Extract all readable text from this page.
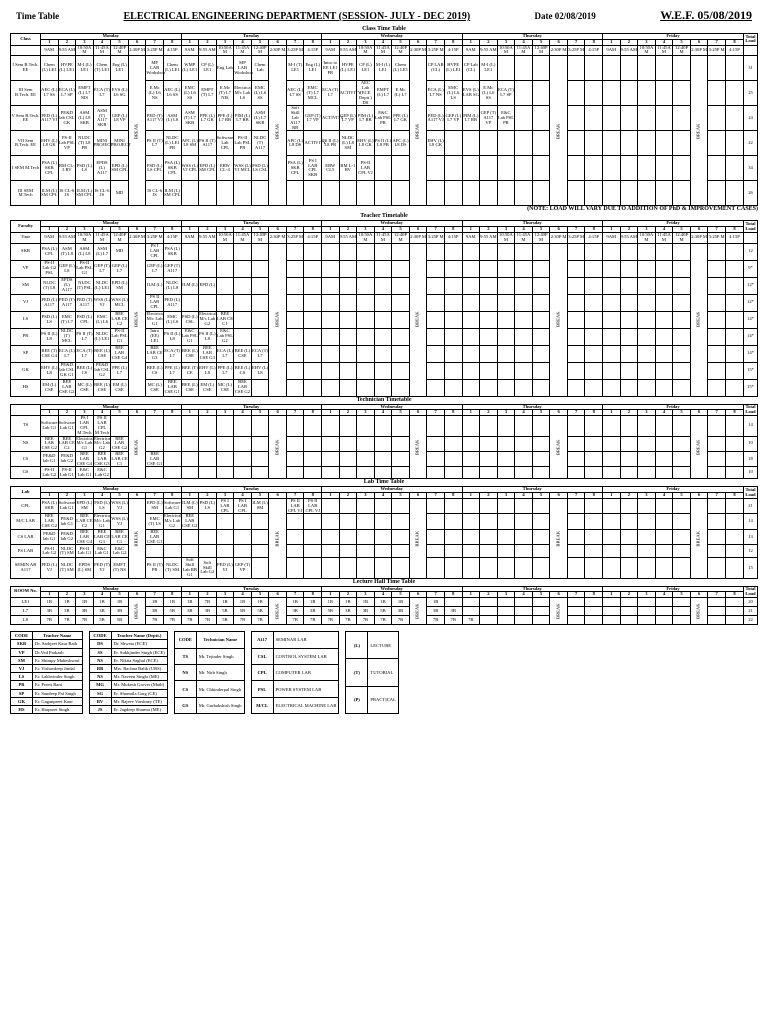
Time Table	ELECTRICAL ENGINEERING DEPARTMENT (SESSION- JULY - DEC 2019)	Date 02/08/2019	W.E.F. 05/08/2019
Class Time Table
Class	Monday								Tuesday								Wednesday								Thursday								Friday								Total Load
	1	2	3	4	5	6	7	8	1	2	3	4	5	6	7	8	1	2	3	4	5	6	7	8	1	2	3	4	5	6	7	8	1	2	3	4	5	6	7	8	
	9AM	9:55 AM	10:50A M	11:45A M	12:40P M	2:30P M	3:25P M	4:15P	9AM	9:55 AM	10:50A M	11:45A M	12:40P M	2:30P M	3:25P M	4:15P	9AM	9:55 AM	10:50A M	11:45A M	12:40P M	2:30P M	3:25P M	4:15P	9AM	9:55 AM	10:50A M	11:45A M	12:40P M	2:30P M	3:25P M	4:15P	9AM	9:55 AM	10:50A M	11:45A M	12:40P M	2:30P M	3:25P M	4:15P	
I Sem B.Tech. EE	Chem (L) LE1	HVPE (L) LE1	M-I (L) LE1	Chem (T) LE1	Eng (L) LE1	BREAK	MP LAB Workshop	Chem (L) LE1	WMP (L) LE1	CP (L) LE1	Eng Lab	MP LAB Workshop	Chem Lab	BREAK	M-I (T) LE1	Eng (L) LE1	Intro to EE LE1 PR	HVPE (L) LE1	CP (L) LE1	M-I (L) LE1	Chem (L) LE1	BREAK	CP LAB (CL)	HVPE (L) LE1	CP Lab (CL)	M-I (L) LE1				BREAK								BREAK			31
III Sem B.Tech. EE	AEC (L) L7 SS	ECA (L) L7 SP	EMFT (L) L7 NIS	ECA (T) L7	EVS (L) L6 SG		E.Mc (L) L6 NS	AEC (L) L6 SS	EMC (L) L6 SS	EMFT (T) L7	E.Mc (T) L7 NIS	Electrical M/c Lab LS	EMC (L) L6 SS		AEC (L) L7 SS	EMC (T) L7 MCL	ECA (T) L7	ACTIVITY	AEC Lab (ECE Deptt.) DS	EMFT (L) L7	E.Mc (L) L7		ECA (L) L7 NS	EMC (L) L6 LS	EVS (L) LAB SG	E.Mc (L) L6 SS	ECA (T) L7 SP														25
V Sem B.Tech. EE	PED (L) A117 VJ	PE&D lab CSL GK	ASM (L) L8 SKB	ASM (T) A117 SKB	GEP (L) L8 VP		PED (T) A117 VJ	ASM (L) L8	ASM (T) L7 SKB	PPE (L) L7 GK	PPE (L) L7 RB	PIM (L) L7 RB	ASM (L) L7 SKB		Soft Skill Lab A117 RB	GEP (T) L7 VP	ACTIVITY	GEP (L) L7 VP	PIM (L) L7 RB	E&C Lab PSL PR	PPE (L) L7 GK		PED (L) A117 VJ	GEP (L) L7 VP	PIM (L) L7 RB	GEP (T) A117 VP	E&C Lab PSL PR														24
VII Sem B.Tech. EE	EHV (L) L8 GK	PS-II Lab PSL VP	NLDC (T) L8 PR	MINI PROJECT	MINI PROJECT		PS II (T) L7	NLDC (L) LE1 PR	APC (L) L8 SM	PS II (T) A117	Software Lab CPL	PS-II Lab PSL PR	NLDC (T) A117		APC (L) L8 DS	ACTIVITY	PS II (L) L8 PR	NLDC (L) L8 SM	EHV (L) L8 GK	PS II (L) L8 PR	APC (L) L8 DS		EHV (L) L8 GK																		22
I SEM M.Tech	PSA (L) SKB CPL	RM CL-3 RV	PSD (L) LS	EPDS (L) A117	EPD (L) SM CPL		PSD (L) LS CPL	PSA (L) SKB CPL	WSS (L) VJ CPL	EPD (L) SM CPL	ERW CL-4	WSS (L) VJ MCL	PSD (L) LS CSL		PSA (L) SKB CPL	PS I LAB CPL SKB	ERW CL5	RM L-1 RV	PS-II LAB CPL VJ																						34
III SEM M.Tech	ILM (L) SM CPL	IS CL-6 JS	ILM (L) SM CPL	IS CL-6 JS	MD		IS CL-6 JS	ILM (L) SM CPL																																	26
(NOTE: LOAD WILL VARY DUE TO ADDITION OF PhD & IMPROVEMENT CASES)
Teacher Timetable
Faculty	Monday								Tuesday								Wednesday								Thursday								Friday								Total Load
	1	2	3	4	5	6	7	8	1	2	3	4	5	6	7	8	1	2	3	4	5	6	7	8	1	2	3	4	5	6	7	8	1	2	3	4	5	6	7	8	
Time	9AM	9:55 AM	10:50A M	11:45A M	12:40P M	2:30P M	3:25P M	4:15P	9AM	9:55 AM	10:50A M	11:45A M	12:40P M	2:30P M	3:25P M	4:15P	9AM	9:55 AM	10:50A M	11:45A M	12:40P M	2:30P M	3:25P M	4:15P	9AM	9:55 AM	10:50A M	11:45A M	12:40P M	2:30P M	3:25P M	4:15P	9AM	9:55 AM	10:50A M	11:45A M	12:40P M	2:30P M	3:25P M	4:15P	
SKB	PSA (L) CPL	ASM (T) L8	ASM (L) L8	ASM (L) L7	MD	BREAK	PS I LAB CPL	PSA (L) SKB						BREAK								BREAK								BREAK								BREAK			12
VP	PS-II Lab G2 PSL	GEP (L) L8	PS-II Lab PSL G1	GEP (T) L7	GEP (L) L7		GEP (L) L7	GEP (T) A117																																	9*
SM	NLDC (T) L8	EPDS (L) A117	NLDC (T) PSL	NLDC (L) LE1	EPD (L) SM		ILM (L)	NLDC (L) L8	ILM (L)	EPD (L)																															12*
VJ	PED (L) A117	PED (T) A117	PED (T) A117	WSS (L) VJ	WSS (L) MCL		PS II LAB CPL	PED (L) A117																																	12*
LS	PSD (L) LS	EMC (T) L7	PSD (L) CPL	EMC (L) L6	BEE LAB CE C2		Electrical M/c Lab G1	EMC (L) L6	PSD (L) CSL	Electrical M/c Lab G2	BEE LAB CE C1																														14*
PR	PS II (L) L8	NLDC (T) MCL	PS II (T) L7	NLDC (L) LE1	PS-II Lab PSL G1		Intro (EE) LE1	PS II (L) L8	E&C Lab PSL G1	PS II (L) L8	E&C Lab PSL G2																														14*
SP	BEE (T) CSE G4	ECA (L) L7	ECA (T) L7	BEE (L) CSE	BEE LAB CSE G4		BEE LAB CE G3	ECA (T) L7	BEE (L) CSE	BEE LAB CSE G3	ECA (L) L7	BEE (L) CSE	ECA (T) L7																												14*
GK	EHV (L) L8	PE&D lab CSL GK G1	BEE (L) CS	PE&D lab CSL G2	PPE (L) L7		BEE (L) CS	PPE (L) L7	BEE (T) CE	EHV (L) L8	PPE (L) L7	BEE (L) CS	EHV (L) L8																												15*
HS	EM (L) CSE	BEE LAB CSE G2	MC (L) CSE	BEE (L) CSE	EM (L) CSE		MC (L) CSE	BEE LAB CSE G1	BEE (L) CSE	EM (L) CSE	MC (L) CSE	BEE LAB CSE G2																													15*
Technician Timetable
	Monday								Tuesday								Wednesday								Thursday								Friday								Total Load
	1	2	3	4	5	6	7	8	1	2	3	4	5	6	7	8	1	2	3	4	5	6	7	8	1	2	3	4	5	6	7	8	1	2	3	4	5	6	7	8	
TS	Software Lab G1	Software Lab G1	PS I LAB CPL M.Tech	PS II LAB CPL M.Tech		BREAK								BREAK								BREAK								BREAK								BREAK			14
NS	BEE LAB CSE G2	BEE LAB CE C2	Electrical M/c Lab G1	Electrical M/c Lab G2	BEE LAB CSE G2																																				10
CS	PE&D lab G1	PE&D lab G2	BEE LAB CSE G4	BEE LAB CSE G3	BEE LAB CE C1		BEE LAB CSE G1																																		18
GS	PS-II Lab G2	PS-II Lab G1	E&C Lab G1	E&C Lab G2																																					10
Lab Time Table
Lab	Monday								Tuesday								Wednesday								Thursday								Friday								Total Load
	1	2	3	4	5	6	7	8	1	2	3	4	5	6	7	8	1	2	3	4	5	6	7	8	1	2	3	4	5	6	7	8	1	2	3	4	5	6	7	8	
CPL	PSA (L) SKB	Software Lab G1	EPD (L) SM	PSD (L) LS	WSS (L) VJ	BREAK	EPD (L) SM	Software Lab G1	ILM (L) SM	PSD (L) LS	PS I LAB CPL	PS I LAB CPL	ILM (L) SM	BREAK	PS II LAB CPL VJ	PS II LAB CPL VJ						BREAK								BREAK								BREAK			21
M/C LAB	BEE LAB CSE G2	PE&D lab G1	BEE LAB CE C2	Electrical M/c Lab G1	WSS (L) VJ		EMC (T) LS	Electrical M/c Lab G2	BEE LAB CSE G2																																14
CS LAB	PE&D lab G1	PE&D lab G2	BEE LAB CSE G4	BEE LAB CE G3	BEE LAB CE C1		BEE LAB CSE G1																																		13
PS LAB	PS-II Lab G2	NLDC (T) SM	PS-II Lab G1	E&C Lab G1	E&C Lab G2																																				12
SEMIN AR A117	PED (L) VJ	NLDC (T) SM	EPDS (L) SM	PED (T) VJ	EMFT (T) NS		PS II (T) PR	NLDC (T) SM	Soft Skill Lab RB G1	Soft Skill Lab G2	PED (L) VJ	GEP (T) VP																													15
Lecture Hall Time Table
ROOM No.	Monday								Tuesday								Wednesday								Thursday								Friday								Total Load
	1	2	3	4	5	6	7	8	1	2	3	4	5	6	7	8	1	2	3	4	5	6	7	8	1	2	3	4	5	6	7	8	1	2	3	4	5	6	7	8	
LE1	1B	1B	1B	1B	1B	BREAK	1B	1B	1B	7B	1B	1B	1B	BREAK	1B	1B	1B	1B	1B	1B	1B	BREAK	1B							BREAK								BREAK			20
L7	3B	3B	3B	3B	3B		3B	5B	3B	3B	5B	5B	5B		3B	3B	5B	3B	3B	5B	3B		3B	3B																	21
L8	7B	7B	7B	5B	5B		7B	7B	7B	7B	5B	7B	7B		7B	7B	7B	7B	7B	7B	7B		7B	7B	7B																22
CODE	Teacher Name
SKB	Dr. Sarbjeet Kaur Bath
VP	Dr.Ved Parkash
SM	Er. Shimpy Maheshwari
VJ	Er. Vishavdeep Jindal
LS	Er. Lakhvinder Singh
PR	Er. Preeti Rani
SP	Er. Sandeep Pal Singh
GK	Er. Gaganpreet Kaur
HS	Er. Harpreet Singh
CODE	Teacher Name (Deptt.)
DS	Dr. Shweta (ECE)
SS	Er. Sukhjinder Singh (ECE)
NS	Er. Nikita Saghal (ECE)
RB	Mrs. Rachna Balik (UBS)
NS	Mr. Naveen Singla (ME)
MG	Mr. Mukesh Grover (Math)
SG	Er. Sharmila Garg (CE)
RV	Mr. Rajeev Varshney (TE)
JS	Er. Jagdeep Sharma (ME)
CODE	Technician Name
TS	Mr. Tejinder Singh
NS	Mr. Nirb Singh
CS	Mr. Chhinderpal Singh
GS	Mr. Gurbakshish Singh
A117	SEMINAR LAB
CSL	CONTROL SYSTEM LAB
CPL	COMPUTER LAB
PSL	POWER SYSTEM LAB
M/CL	ELECTRICAL MACHINE LAB
(L)	LECTURE
(T)	TUTORIAL
(P)	PRACTICAL
